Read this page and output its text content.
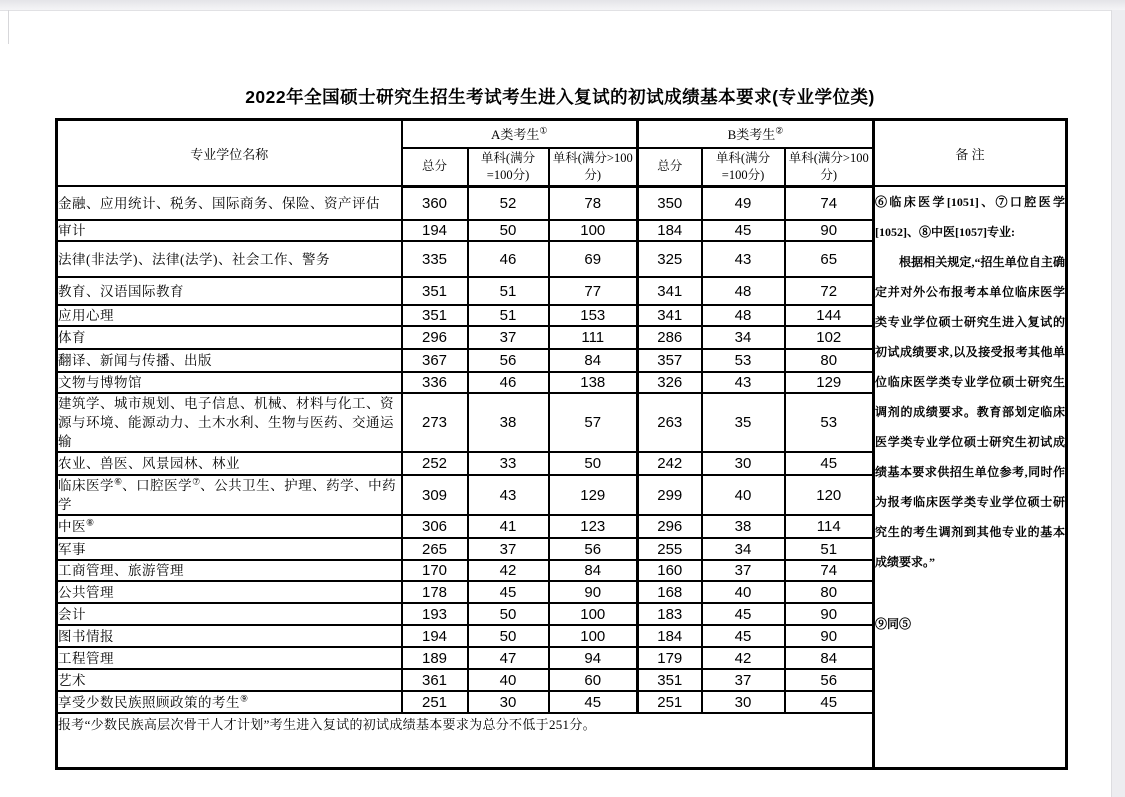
2022年全国硕士研究生招生考试考生进入复试的初试成绩基本要求(专业学位类)
专业学位名称	A类考生①			B类考生②			备 注
	总分	单科(满分=100分)	单科(满分>100分)	总分	单科(满分=100分)	单科(满分>100分)	
金融、应用统计、税务、国际商务、保险、资产评估	360	52	78	350	49	74	⑥临床医学[1051]、⑦口腔医学[1052]、⑧中医[1057]专业:

根据相关规定,“招生单位自主确定并对外公布报考本单位临床医学类专业学位硕士研究生进入复试的初试成绩要求,以及接受报考其他单位临床医学类专业学位硕士研究生调剂的成绩要求。教育部划定临床医学类专业学位硕士研究生初试成绩基本要求供招生单位参考,同时作为报考临床医学类专业学位硕士研究生的考生调剂到其他专业的基本成绩要求。”

⑨同⑤

审计	194	50	100	184	45	90	
法律(非法学)、法律(法学)、社会工作、警务	335	46	69	325	43	65	
教育、汉语国际教育	351	51	77	341	48	72	
应用心理	351	51	153	341	48	144	
体育	296	37	111	286	34	102	
翻译、新闻与传播、出版	367	56	84	357	53	80	
文物与博物馆	336	46	138	326	43	129	
建筑学、城市规划、电子信息、机械、材料与化工、资源与环境、能源动力、土木水利、生物与医药、交通运输	273	38	57	263	35	53	
农业、兽医、风景园林、林业	252	33	50	242	30	45	
临床医学⑥、口腔医学⑦、公共卫生、护理、药学、中药学	309	43	129	299	40	120	
中医⑧	306	41	123	296	38	114	
军事	265	37	56	255	34	51	
工商管理、旅游管理	170	42	84	160	37	74	
公共管理	178	45	90	168	40	80	
会计	193	50	100	183	45	90	
图书情报	194	50	100	184	45	90	
工程管理	189	47	94	179	42	84	
艺术	361	40	60	351	37	56	
享受少数民族照顾政策的考生⑨	251	30	45	251	30	45	
报考“少数民族高层次骨干人才计划”考生进入复试的初试成绩基本要求为总分不低于251分。							
